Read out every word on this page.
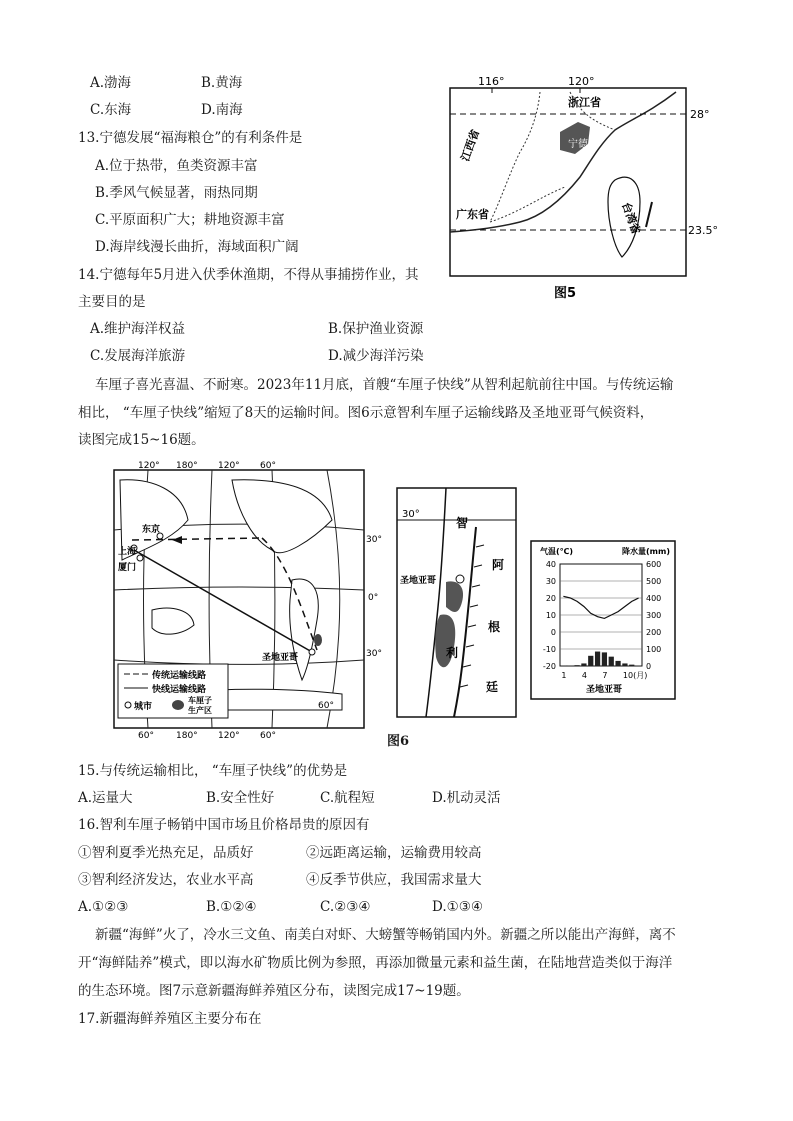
A.渤海	B.黄海
C.东海	D.南海
13.宁德发展“福海粮仓”的有利条件是
A.位于热带，鱼类资源丰富
B.季风气候显著，雨热同期
C.平原面积广大；耕地资源丰富
D.海岸线漫长曲折，海域面积广阔
14.宁德每年5月进入伏季休渔期，不得从事捕捞作业，其
主要目的是
A.维护海洋权益	B.保护渔业资源
C.发展海洋旅游	D.减少海洋污染
116°	120°
28°
23.5°
浙江省
江西省
广东省	台湾省
宁德
图5
车厘子喜光喜温、不耐寒。2023年11月底，首艘“车厘子快线”从智利起航前往中国。与传统运输
相比， “车厘子快线”缩短了8天的运输时间。图6示意智利车厘子运输线路及圣地亚哥气候资料，
读图完成15~16题。
传统运输线路
快线运输线路
城市
车厘子
生产区
120° 180° 120° 60°
60° 180° 120° 60°
30°
0°
30°
60°
上海
东京
厦门
圣地亚哥
30°
智
利
阿
根
廷
圣地亚哥
气温(℃)	降水量(mm)
40
30
20
10
0
-10
-20
600
500
400
300
200
100
0
1 4 7 10(月)
圣地亚哥
图6
15.与传统运输相比， “车厘子快线”的优势是
A.运量大	B.安全性好	C.航程短	D.机动灵活
16.智利车厘子畅销中国市场且价格昂贵的原因有
①智利夏季光热充足，品质好	②远距离运输，运输费用较高
③智利经济发达，农业水平高	④反季节供应，我国需求量大
A.①②③	B.①②④	C.②③④	D.①③④
新疆“海鲜”火了，冷水三文鱼、南美白对虾、大螃蟹等畅销国内外。新疆之所以能出产海鲜，离不
开“海鲜陆养”模式，即以海水矿物质比例为参照，再添加微量元素和益生菌，在陆地营造类似于海洋
的生态环境。图7示意新疆海鲜养殖区分布，读图完成17~19题。
17.新疆海鲜养殖区主要分布在
